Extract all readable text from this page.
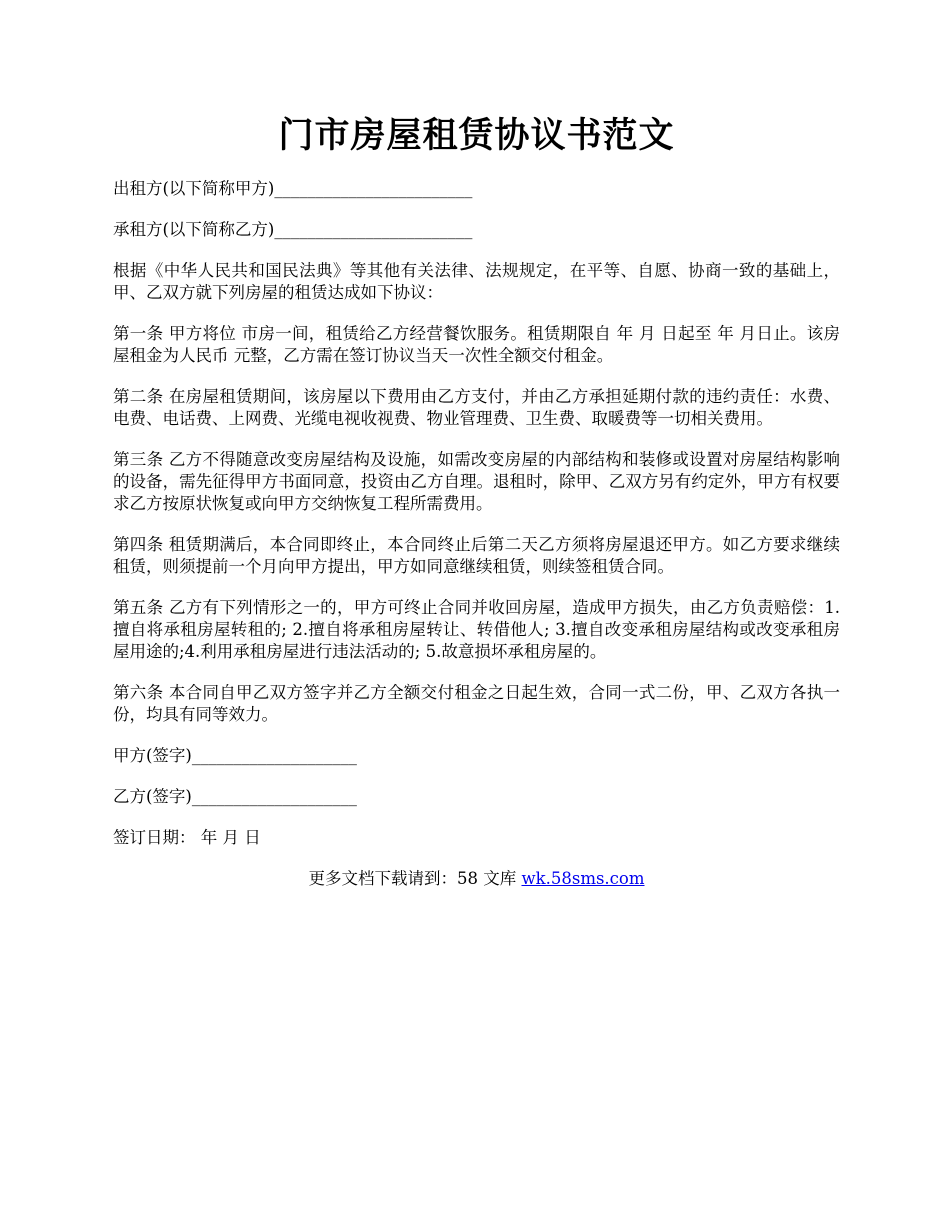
门市房屋租赁协议书范文

出租方(以下简称甲方)________________________

承租方(以下简称乙方)________________________

根据《中华人民共和国民法典》等其他有关法律、法规规定，在平等、自愿、协商一致的基础上，甲、乙双方就下列房屋的租赁达成如下协议：

第一条 甲方将位 市房一间，租赁给乙方经营餐饮服务。租赁期限自 年 月 日起至 年 月日止。该房屋租金为人民币 元整，乙方需在签订协议当天一次性全额交付租金。

第二条 在房屋租赁期间，该房屋以下费用由乙方支付，并由乙方承担延期付款的违约责任：水费、电费、电话费、上网费、光缆电视收视费、物业管理费、卫生费、取暖费等一切相关费用。

第三条 乙方不得随意改变房屋结构及设施，如需改变房屋的内部结构和装修或设置对房屋结构影响的设备，需先征得甲方书面同意，投资由乙方自理。退租时，除甲、乙双方另有约定外，甲方有权要求乙方按原状恢复或向甲方交纳恢复工程所需费用。

第四条 租赁期满后，本合同即终止，本合同终止后第二天乙方须将房屋退还甲方。如乙方要求继续租赁，则须提前一个月向甲方提出，甲方如同意继续租赁，则续签租赁合同。

第五条 乙方有下列情形之一的，甲方可终止合同并收回房屋，造成甲方损失，由乙方负责赔偿：1.擅自将承租房屋转租的; 2.擅自将承租房屋转让、转借他人; 3.擅自改变承租房屋结构或改变承租房屋用途的;4.利用承租房屋进行违法活动的; 5.故意损坏承租房屋的。

第六条 本合同自甲乙双方签字并乙方全额交付租金之日起生效，合同一式二份，甲、乙双方各执一份，均具有同等效力。

甲方(签字)____________________

乙方(签字)____________________

签订日期： 年 月 日

更多文档下载请到：58 文库 wk.58sms.com
